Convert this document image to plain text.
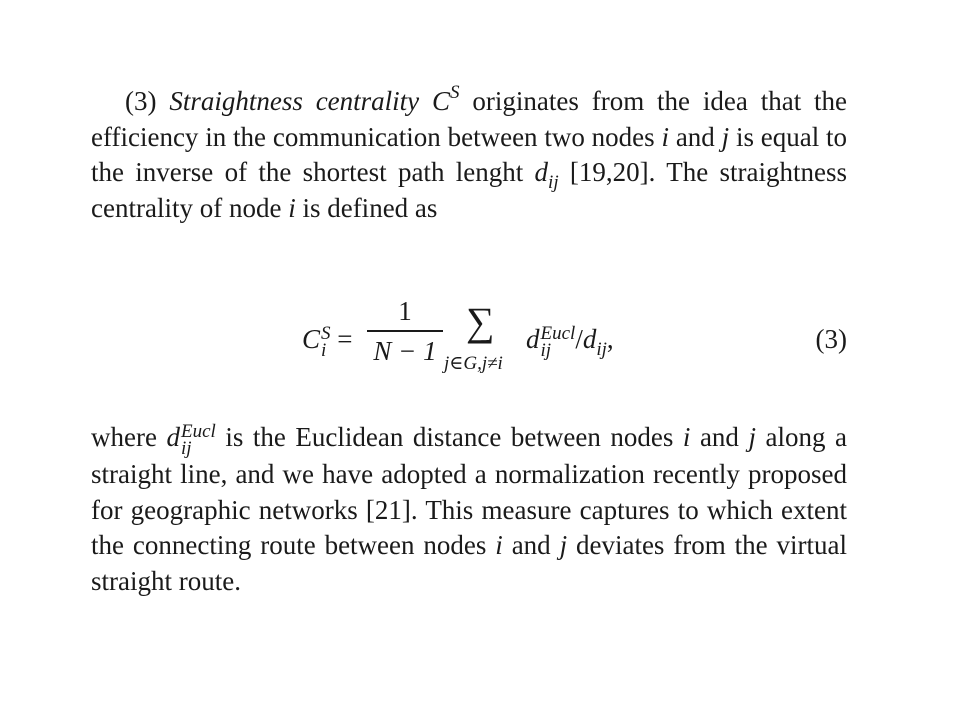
(3) Straightness centrality $C^S$ originates from the idea that the efficiency in the communication between two nodes i and j is equal to the inverse of the shortest path lenght $d_{ij}$ [19,20]. The straightness centrality of node i is defined as

C S
i =
1
N − 1
∑
j∈G,j≠i
d Eucl
ij $/d_{ij}$,	(3)

where d Eucl
ij	is the Euclidean distance between nodes i and j along a straight line, and we have adopted a normalization recently proposed for geographic networks [21]. This measure captures to which extent the connecting route between nodes i and j deviates from the virtual straight route.
